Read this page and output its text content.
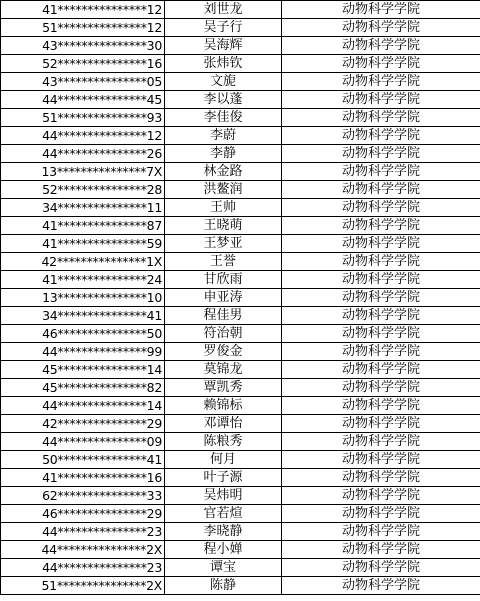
41***************12	刘世龙	动物科学学院
51***************12	吴子行	动物科学学院
43***************30	吴海辉	动物科学学院
52***************16	张炜钦	动物科学学院
43***************05	文旎	动物科学学院
44***************45	李以蓬	动物科学学院
51***************93	李佳俊	动物科学学院
44***************12	李蔚	动物科学学院
44***************26	李静	动物科学学院
13***************7X	林金路	动物科学学院
52***************28	洪鳌润	动物科学学院
34***************11	王帅	动物科学学院
41***************87	王晓萌	动物科学学院
41***************59	王梦亚	动物科学学院
42***************1X	王誉	动物科学学院
41***************24	甘欣雨	动物科学学院
13***************10	申亚涛	动物科学学院
34***************41	程佳男	动物科学学院
46***************50	符治朝	动物科学学院
44***************99	罗俊金	动物科学学院
45***************14	莫锦龙	动物科学学院
45***************82	覃凯秀	动物科学学院
44***************14	赖锦标	动物科学学院
42***************29	邓谭怡	动物科学学院
44***************09	陈粮秀	动物科学学院
50***************41	何月	动物科学学院
41***************16	叶子源	动物科学学院
62***************33	吴炜明	动物科学学院
46***************29	官若煊	动物科学学院
44***************23	李晓静	动物科学学院
44***************2X	程小婵	动物科学学院
44***************23	谭宝	动物科学学院
51***************2X	陈静	动物科学学院
